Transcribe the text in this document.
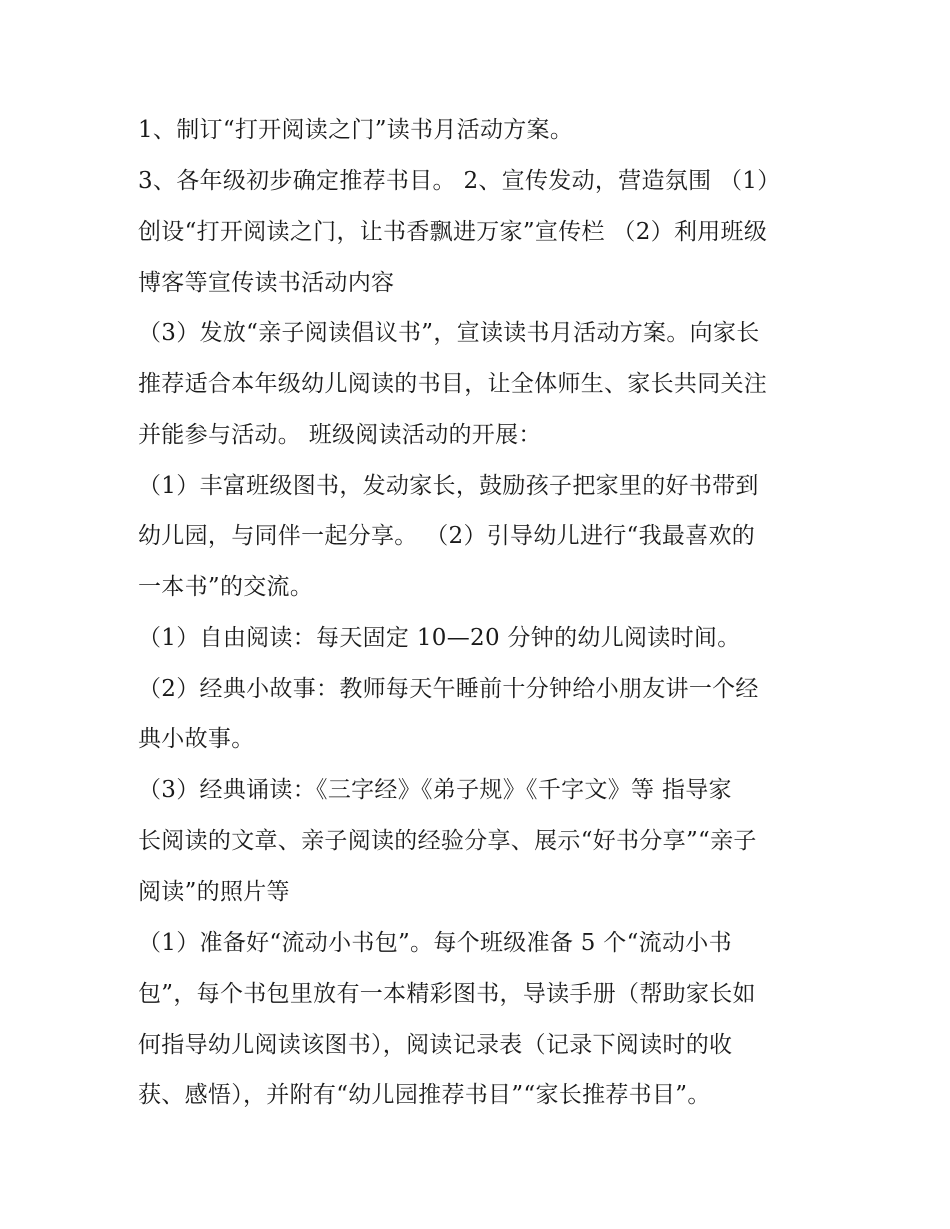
1、制订“打开阅读之门”读书月活动方案。
3、各年级初步确定推荐书目。 2、宣传发动，营造氛围 （1）
创设“打开阅读之门，让书香飘进万家”宣传栏 （2）利用班级
博客等宣传读书活动内容
（3）发放“亲子阅读倡议书”，宣读读书月活动方案。向家长
推荐适合本年级幼儿阅读的书目，让全体师生、家长共同关注
并能参与活动。 班级阅读活动的开展：
（1）丰富班级图书，发动家长，鼓励孩子把家里的好书带到
幼儿园，与同伴一起分享。 （2）引导幼儿进行“我最喜欢的
一本书”的交流。
（1）自由阅读：每天固定 10—20 分钟的幼儿阅读时间。
（2）经典小故事：教师每天午睡前十分钟给小朋友讲一个经
典小故事。
（3）经典诵读：《三字经》《弟子规》《千字文》等 指导家
长阅读的文章、亲子阅读的经验分享、展示“好书分享”“亲子
阅读”的照片等
（1）准备好“流动小书包”。每个班级准备 5 个“流动小书
包”，每个书包里放有一本精彩图书，导读手册（帮助家长如
何指导幼儿阅读该图书），阅读记录表（记录下阅读时的收
获、感悟），并附有“幼儿园推荐书目”“家长推荐书目”。
